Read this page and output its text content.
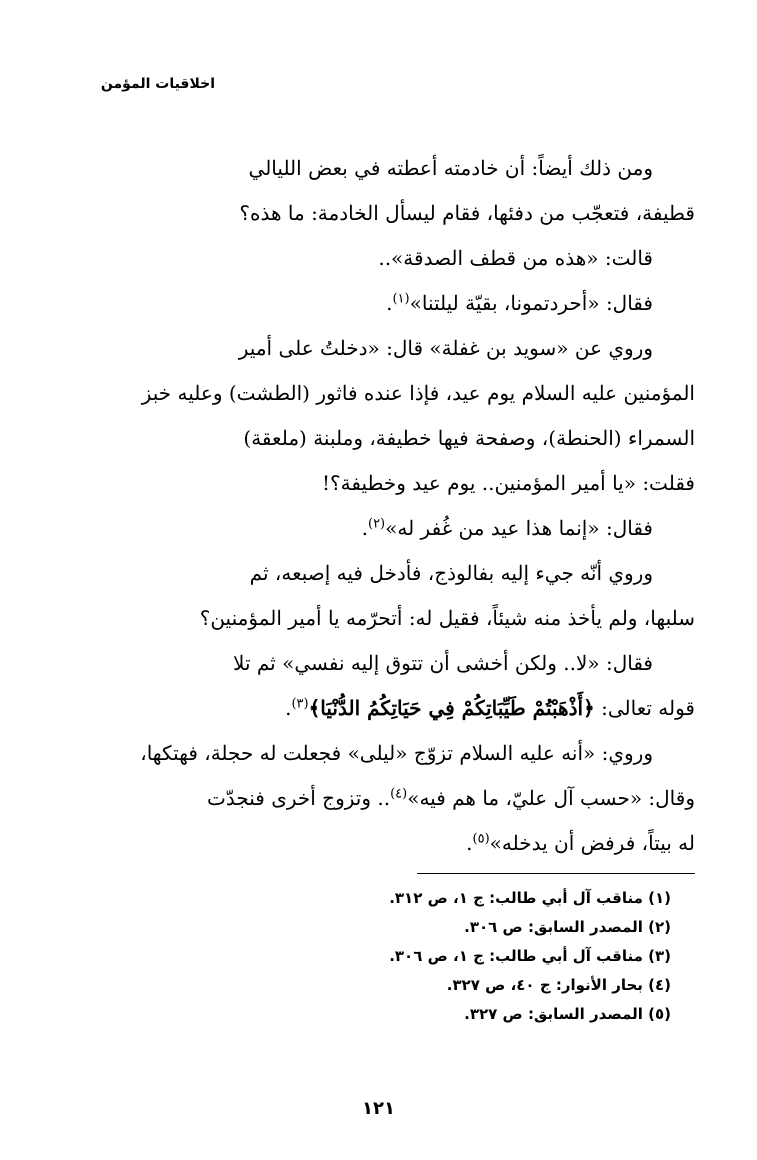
اخلاقيات المؤمن
ومن ذلك أيضاً: أن خادمته أعطته في بعض الليالي
قطيفة، فتعجّب من دفئها، فقام ليسأل الخادمة: ما هذه؟
قالت: «هذه من قطف الصدقة»..
فقال: «أحردتمونا، بقيّة ليلتنا»$^{(١)}$.
وروي عن «سويد بن غفلة» قال: «دخلتُ على أمير
المؤمنين عليه السلام يوم عيد، فإذا عنده فاثور (الطشت) وعليه خبز
السمراء (الحنطة)، وصفحة فيها خطيفة، وملبنة (ملعقة)
فقلت: «يا أمير المؤمنين.. يوم عيد وخطيفة؟!
فقال: «إنما هذا عيد من غُفر له»$^{(٢)}$.
وروي أنّه جيء إليه بفالوذج، فأدخل فيه إصبعه، ثم
سلبها، ولم يأخذ منه شيئاً، فقيل له: أتحرّمه يا أمير المؤمنين؟
فقال: «لا.. ولكن أخشى أن تتوق إليه نفسي» ثم تلا
قوله تعالى: ﴿أَذْهَبْتُمْ طَيِّبَاتِكُمْ فِي حَيَاتِكُمُ الدُّنْيَا﴾$^{(٣)}$.
وروي: «أنه عليه السلام تزوّج «ليلى» فجعلت له حجلة، فهتكها،
وقال: «حسب آل عليّ، ما هم فيه»$^{(٤)}$.. وتزوج أخرى فنجدّت
له بيتاً، فرفض أن يدخله»$^{(٥)}$.
(١) مناقب آل أبي طالب: ج ١، ص ٣١٢.
(٢) المصدر السابق: ص ٣٠٦.
(٣) مناقب آل أبي طالب: ج ١، ص ٣٠٦.
(٤) بحار الأنوار: ج ٤٠، ص ٣٢٧.
(٥) المصدر السابق: ص ٣٢٧.
١٢١
